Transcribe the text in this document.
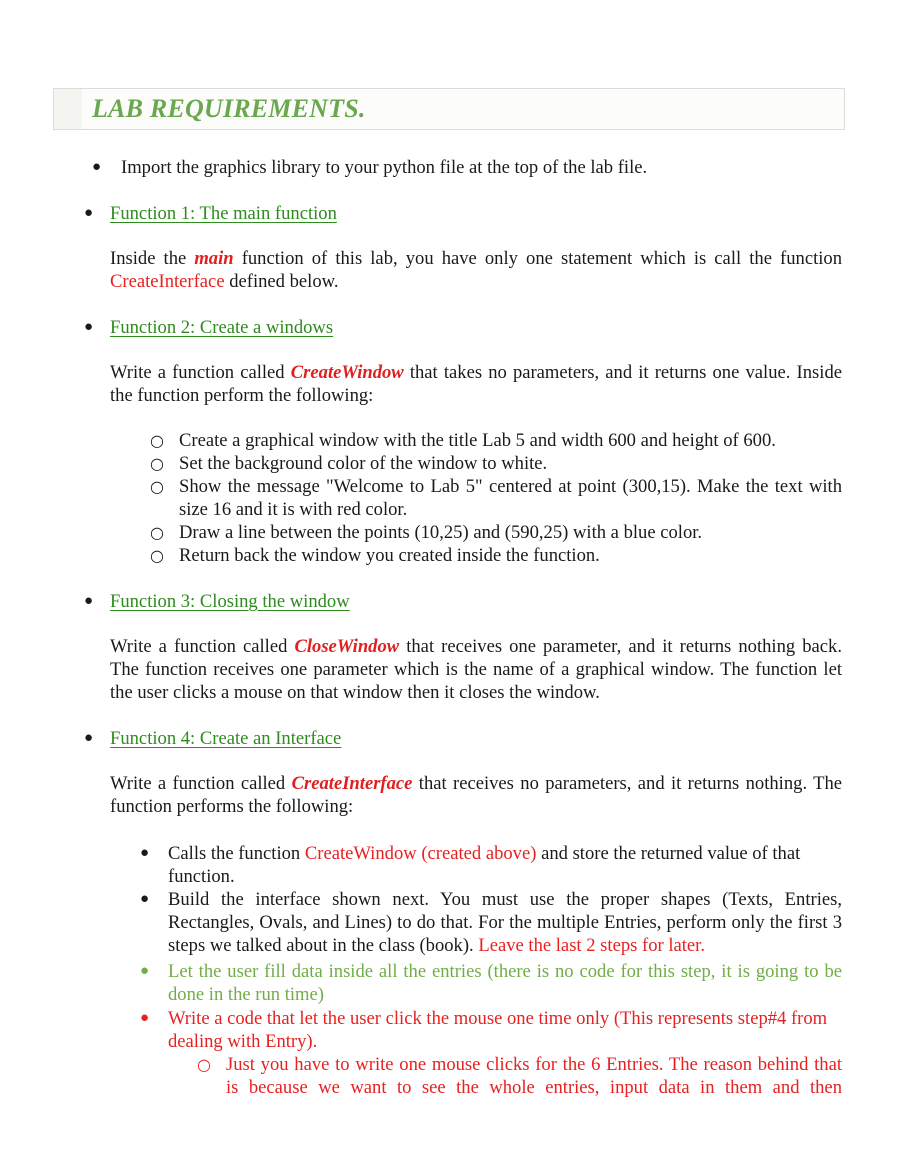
LAB REQUIREMENTS.
● Import the graphics library to your python file at the top of the lab file.
● Function 1: The main function
Inside the main function of this lab, you have only one statement which is call the function CreateInterface defined below.
● Function 2: Create a windows
Write a function called CreateWindow that takes no parameters, and it returns one value. Inside the function perform the following:
○ Create a graphical window with the title Lab 5 and width 600 and height of 600.
○ Set the background color of the window to white.
○ Show the message "Welcome to Lab 5" centered at point (300,15). Make the text with size 16 and it is with red color.
○ Draw a line between the points (10,25) and (590,25) with a blue color.
○ Return back the window you created inside the function.
● Function 3: Closing the window
Write a function called CloseWindow that receives one parameter, and it returns nothing back. The function receives one parameter which is the name of a graphical window. The function let the user clicks a mouse on that window then it closes the window.
● Function 4: Create an Interface
Write a function called CreateInterface that receives no parameters, and it returns nothing. The function performs the following:
● Calls the function CreateWindow (created above) and store the returned value of that function.
● Build the interface shown next. You must use the proper shapes (Texts, Entries, Rectangles, Ovals, and Lines) to do that. For the multiple Entries, perform only the first 3 steps we talked about in the class (book). Leave the last 2 steps for later.
● Let the user fill data inside all the entries (there is no code for this step, it is going to be done in the run time)
● Write a code that let the user click the mouse one time only (This represents step#4 from dealing with Entry).
○ Just you have to write one mouse clicks for the 6 Entries. The reason behind that is because we want to see the whole entries, input data in them and then
